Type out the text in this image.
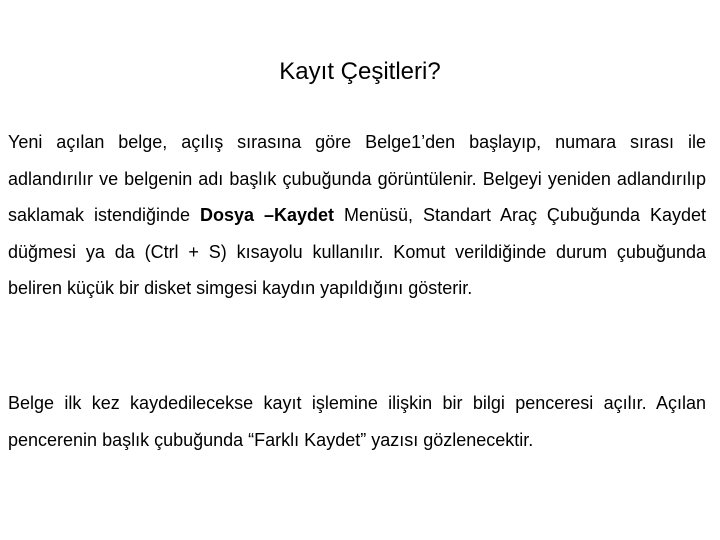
Kayıt Çeşitleri?

Yeni açılan belge, açılış sırasına göre Belge1’den başlayıp, numara sırası ile adlandırılır ve belgenin adı başlık çubuğunda görüntülenir. Belgeyi yeniden adlandırılıp saklamak istendiğinde Dosya –Kaydet Menüsü, Standart Araç Çubuğunda Kaydet düğmesi ya da (Ctrl + S) kısayolu kullanılır. Komut verildiğinde durum çubuğunda beliren küçük bir disket simgesi kaydın yapıldığını gösterir.

Belge ilk kez kaydedilecekse kayıt işlemine ilişkin bir bilgi penceresi açılır. Açılan pencerenin başlık çubuğunda “Farklı Kaydet” yazısı gözlenecektir.
